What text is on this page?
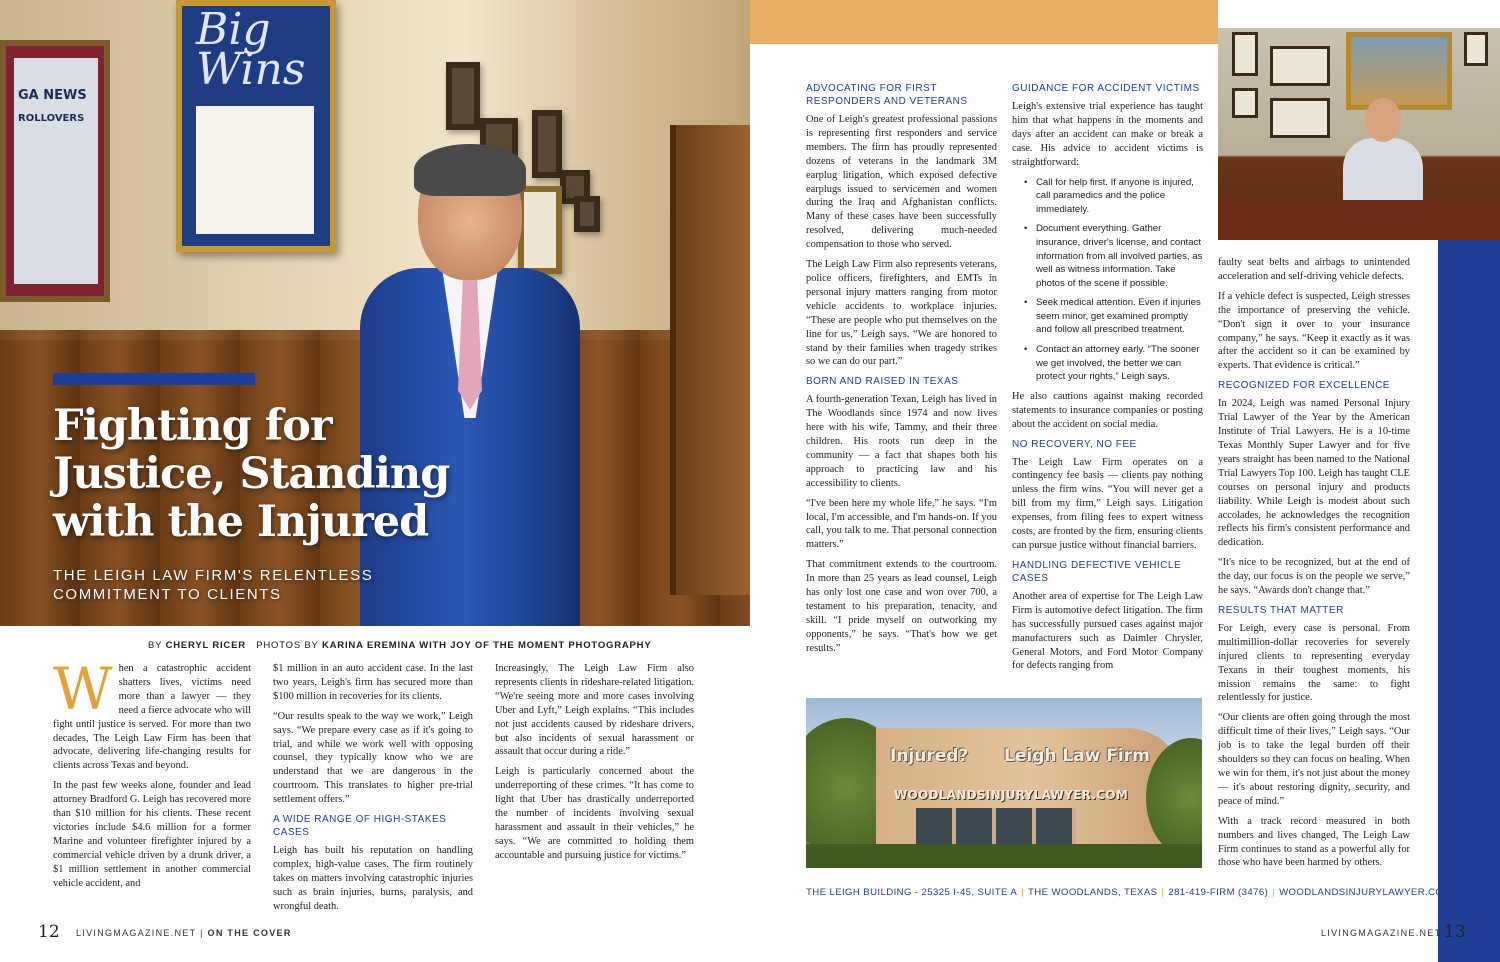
GA NEWS
ROLLOVERS
Big Wins
Fighting for Justice, Standing with the Injured
THE LEIGH LAW FIRM'S RELENTLESS COMMITMENT TO CLIENTS
BY CHERYL RICER PHOTOS BY KARINA EREMINA WITH JOY OF THE MOMENT PHOTOGRAPHY

When a catastrophic accident shatters lives, victims need more than a lawyer — they need a fierce advocate who will fight until justice is served. For more than two decades, The Leigh Law Firm has been that advocate, delivering life-changing results for clients across Texas and beyond.

In the past few weeks alone, founder and lead attorney Bradford G. Leigh has recovered more than $10 million for his clients. These recent victories include $4.6 million for a former Marine and volunteer firefighter injured by a commercial vehicle driven by a drunk driver, a $1 million settlement in another commercial vehicle accident, and

$1 million in an auto accident case. In the last two years, Leigh's firm has secured more than $100 million in recoveries for its clients.

“Our results speak to the way we work,” Leigh says. “We prepare every case as if it's going to trial, and while we work well with opposing counsel, they typically know who we are understand that we are dangerous in the courtroom. This translates to higher pre-trial settlement offers.”

A WIDE RANGE OF HIGH-STAKES CASES

Leigh has built his reputation on handling complex, high-value cases. The firm routinely takes on matters involving catastrophic injuries such as brain injuries, burns, paralysis, and wrongful death.

Increasingly, The Leigh Law Firm also represents clients in rideshare-related litigation. “We're seeing more and more cases involving Uber and Lyft,” Leigh explains. “This includes not just accidents caused by rideshare drivers, but also incidents of sexual harassment or assault that occur during a ride.”

Leigh is particularly concerned about the underreporting of these crimes. “It has come to light that Uber has drastically underreported the number of incidents involving sexual harassment and assault in their vehicles,” he says. “We are committed to holding them accountable and pursuing justice for victims.”

12 LIVINGMAGAZINE.NET | ON THE COVER
ADVOCATING FOR FIRST RESPONDERS AND VETERANS

One of Leigh's greatest professional passions is representing first responders and service members. The firm has proudly represented dozens of veterans in the landmark 3M earplug litigation, which exposed defective earplugs issued to servicemen and women during the Iraq and Afghanistan conflicts. Many of these cases have been successfully resolved, delivering much-needed compensation to those who served.

The Leigh Law Firm also represents veterans, police officers, firefighters, and EMTs in personal injury matters ranging from motor vehicle accidents to workplace injuries. “These are people who put themselves on the line for us,” Leigh says. “We are honored to stand by their families when tragedy strikes so we can do our part.”

BORN AND RAISED IN TEXAS

A fourth-generation Texan, Leigh has lived in The Woodlands since 1974 and now lives here with his wife, Tammy, and their three children. His roots run deep in the community — a fact that shapes both his approach to practicing law and his accessibility to clients.

“I've been here my whole life,” he says. “I'm local, I'm accessible, and I'm hands-on. If you call, you talk to me. That personal connection matters.”

That commitment extends to the courtroom. In more than 25 years as lead counsel, Leigh has only lost one case and won over 700, a testament to his preparation, tenacity, and skill. “I pride myself on outworking my opponents,” he says. “That's how we get results.”

GUIDANCE FOR ACCIDENT VICTIMS

Leigh's extensive trial experience has taught him that what happens in the moments and days after an accident can make or break a case. His advice to accident victims is straightforward:

• Call for help first. If anyone is injured, call paramedics and the police immediately.
• Document everything. Gather insurance, driver's license, and contact information from all involved parties, as well as witness information. Take photos of the scene if possible.
• Seek medical attention. Even if injuries seem minor, get examined promptly and follow all prescribed treatment.
• Contact an attorney early. “The sooner we get involved, the better we can protect your rights,” Leigh says.

He also cautions against making recorded statements to insurance companies or posting about the accident on social media.

NO RECOVERY, NO FEE

The Leigh Law Firm operates on a contingency fee basis — clients pay nothing unless the firm wins. “You will never get a bill from my firm,” Leigh says. Litigation expenses, from filing fees to expert witness costs, are fronted by the firm, ensuring clients can pursue justice without financial barriers.

HANDLING DEFECTIVE VEHICLE CASES

Another area of expertise for The Leigh Law Firm is automotive defect litigation. The firm has successfully pursued cases against major manufacturers such as Daimler Chrysler, General Motors, and Ford Motor Company for defects ranging from

faulty seat belts and airbags to unintended acceleration and self-driving vehicle defects.

If a vehicle defect is suspected, Leigh stresses the importance of preserving the vehicle. “Don't sign it over to your insurance company,” he says. “Keep it exactly as it was after the accident so it can be examined by experts. That evidence is critical.”

RECOGNIZED FOR EXCELLENCE

In 2024, Leigh was named Personal Injury Trial Lawyer of the Year by the American Institute of Trial Lawyers. He is a 10-time Texas Monthly Super Lawyer and for five years straight has been named to the National Trial Lawyers Top 100. Leigh has taught CLE courses on personal injury and products liability. While Leigh is modest about such accolades, he acknowledges the recognition reflects his firm's consistent performance and dedication.

“It's nice to be recognized, but at the end of the day, our focus is on the people we serve,” he says. “Awards don't change that.”

RESULTS THAT MATTER

For Leigh, every case is personal. From multimillion-dollar recoveries for severely injured clients to representing everyday Texans in their toughest moments, his mission remains the same: to fight relentlessly for justice.

“Our clients are often going through the most difficult time of their lives,” Leigh says. “Our job is to take the legal burden off their shoulders so they can focus on healing. When we win for them, it's not just about the money — it's about restoring dignity, security, and peace of mind.”

With a track record measured in both numbers and lives changed, The Leigh Law Firm continues to stand as a powerful ally for those who have been harmed by others.

Injured? Leigh Law Firm
WOODLANDSINJURYLAWYER.COM
THE LEIGH BUILDING - 25325 I-45, SUITE A | THE WOODLANDS, TEXAS | 281-419-FIRM (3476) | WOODLANDSINJURYLAWYER.COM
LIVINGMAGAZINE.NET 13
